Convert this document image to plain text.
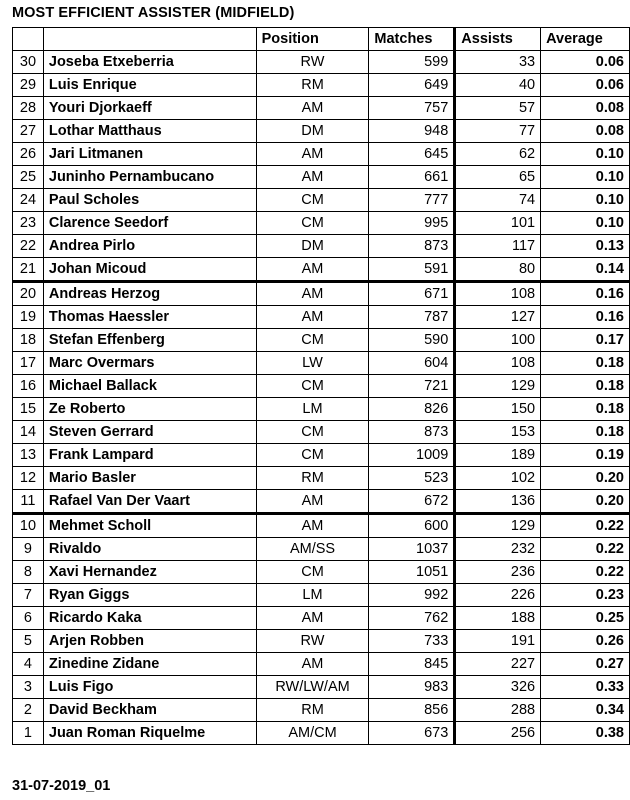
MOST EFFICIENT ASSISTER (MIDFIELD)
		Position	Matches	Assists	Average
30	Joseba Etxeberria	RW	599	33	0.06
29	Luis Enrique	RM	649	40	0.06
28	Youri Djorkaeff	AM	757	57	0.08
27	Lothar Matthaus	DM	948	77	0.08
26	Jari Litmanen	AM	645	62	0.10
25	Juninho Pernambucano	AM	661	65	0.10
24	Paul Scholes	CM	777	74	0.10
23	Clarence Seedorf	CM	995	101	0.10
22	Andrea Pirlo	DM	873	117	0.13
21	Johan Micoud	AM	591	80	0.14
20	Andreas Herzog	AM	671	108	0.16
19	Thomas Haessler	AM	787	127	0.16
18	Stefan Effenberg	CM	590	100	0.17
17	Marc Overmars	LW	604	108	0.18
16	Michael Ballack	CM	721	129	0.18
15	Ze Roberto	LM	826	150	0.18
14	Steven Gerrard	CM	873	153	0.18
13	Frank Lampard	CM	1009	189	0.19
12	Mario Basler	RM	523	102	0.20
11	Rafael Van Der Vaart	AM	672	136	0.20
10	Mehmet Scholl	AM	600	129	0.22
9	Rivaldo	AM/SS	1037	232	0.22
8	Xavi Hernandez	CM	1051	236	0.22
7	Ryan Giggs	LM	992	226	0.23
6	Ricardo Kaka	AM	762	188	0.25
5	Arjen Robben	RW	733	191	0.26
4	Zinedine Zidane	AM	845	227	0.27
3	Luis Figo	RW/LW/AM	983	326	0.33
2	David Beckham	RM	856	288	0.34
1	Juan Roman Riquelme	AM/CM	673	256	0.38
31-07-2019_01
